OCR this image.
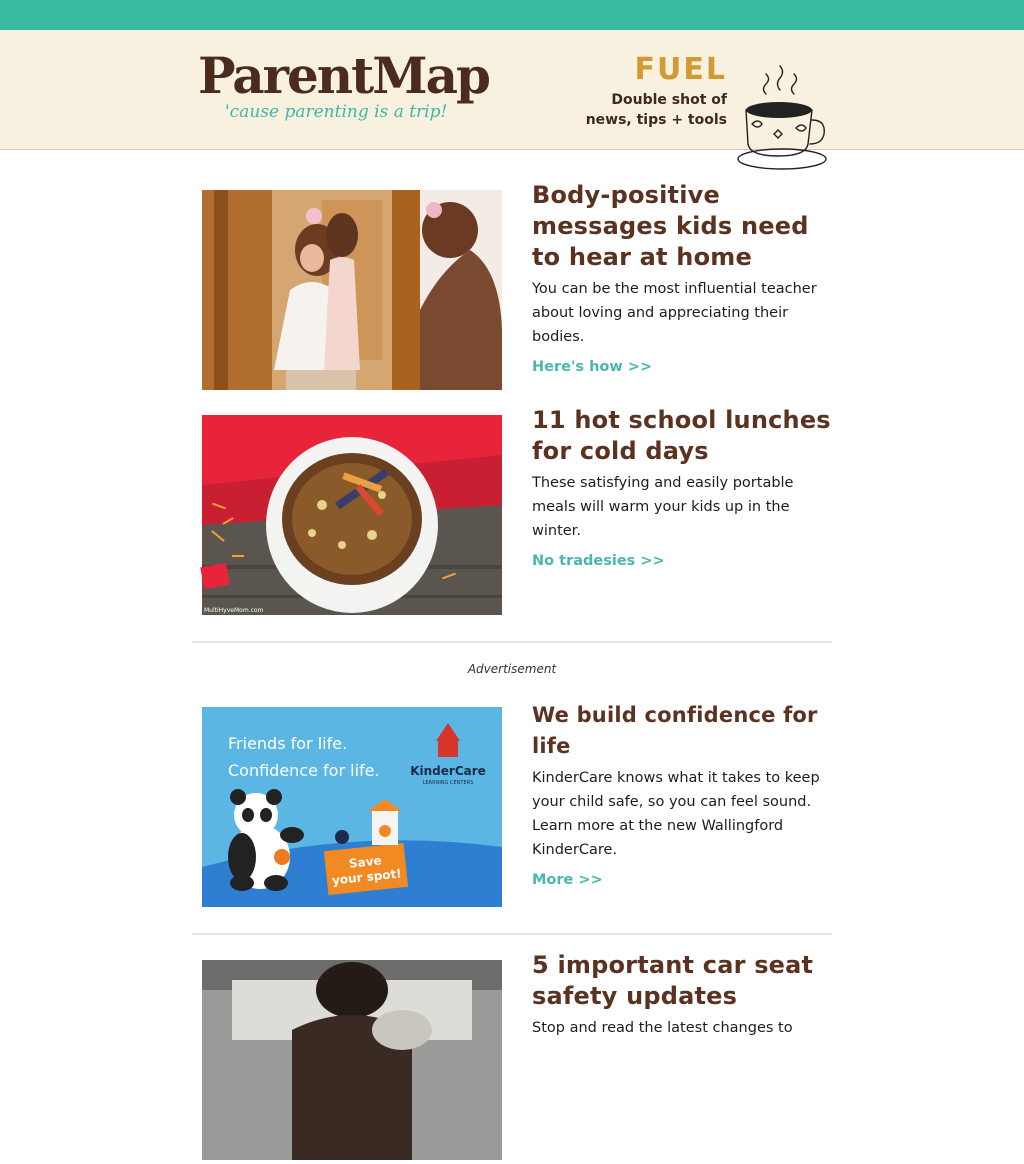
ParentMap
'cause parenting is a trip!
FUEL
Double shot of
news, tips + tools
Body-positive messages kids need to hear at home
You can be the most influential teacher about loving and appreciating their bodies.
Here's how >>
MultiHyveMom.com
11 hot school lunches for cold days
These satisfying and easily portable meals will warm your kids up in the winter.
No tradesies >>
Advertisement
Friends for life.
Confidence for life.	KinderCare
LEARNING CENTERS
Save
your spot!
We build confidence for life
KinderCare knows what it takes to keep your child safe, so you can feel sound. Learn more at the new Wallingford KinderCare.
More >>
5 important car seat safety updates
Stop and read the latest changes to
